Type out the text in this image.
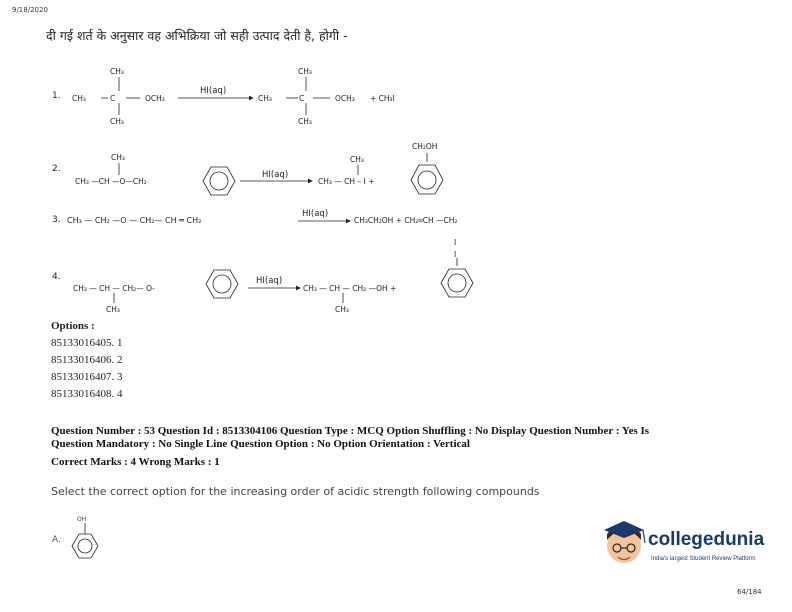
9/18/2020
दी गई शर्त के अनुसार वह अभिक्रिया जो सही उत्पाद देती है, होगी -
1.
CH₃
CH₃	C	OCH₃
CH₃
HI(aq)
CH₃
CH₃	C	OCH₃ + CH₃I
CH₃
2.
CH₃
CH₃ —CH —O—CH₂
HI(aq)
CH₃
CH₃ — CH – I +
CH₂OH
3. CH₃ — CH₂ —O — CH₂— CH ═ CH₂
HI(aq)
CH₃CH₂OH + CH₂═CH —CH₂
I
4.
CH₃ — CH — CH₂— O-
CH₃
HI(aq)
CH₃ — CH — CH₂ —OH +
CH₃
I
Options :
85133016405. 1
85133016406. 2
85133016407. 3
85133016408. 4
Question Number : 53 Question Id : 8513304106 Question Type : MCQ Option Shuffling : No Display Question Number : Yes Is
Question Mandatory : No Single Line Question Option : No Option Orientation : Vertical
Correct Marks : 4 Wrong Marks : 1
Select the correct option for the increasing order of acidic strength following compounds
OH
A.	collegedunia
India's largest Student Review Platform
64/184
